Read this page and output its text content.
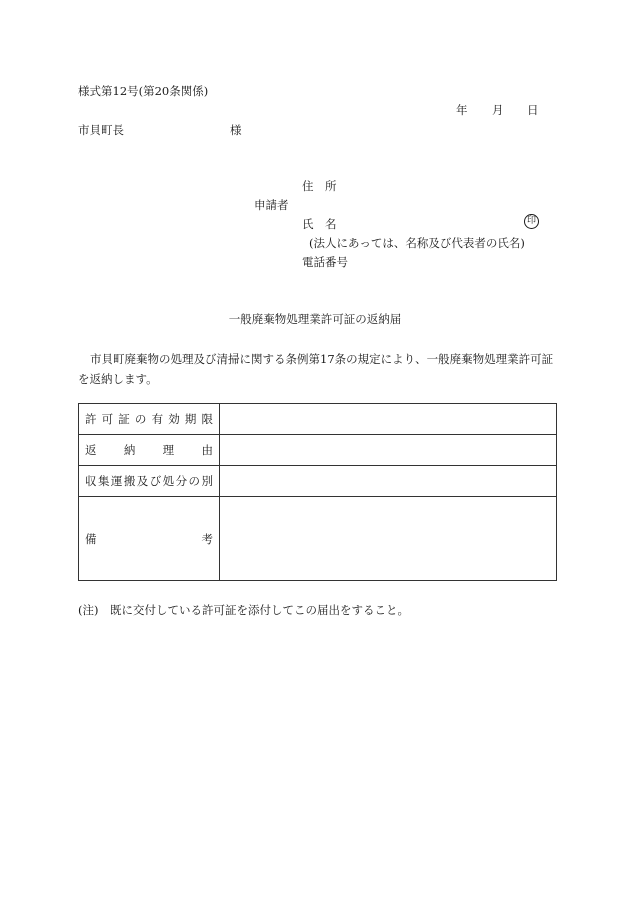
様式第12号(第20条関係)
年 月 日
市貝町長	様
住　所
申請者
氏　名	印
(法人にあっては、名称及び代表者の氏名)
電話番号
一般廃棄物処理業許可証の返納届
市貝町廃棄物の処理及び清掃に関する条例第17条の規定により、一般廃棄物処理業許可証を返納します。
許可証の有効期限	
返納理由	
収集運搬及び処分の別	
備考	
(注)　既に交付している許可証を添付してこの届出をすること。
